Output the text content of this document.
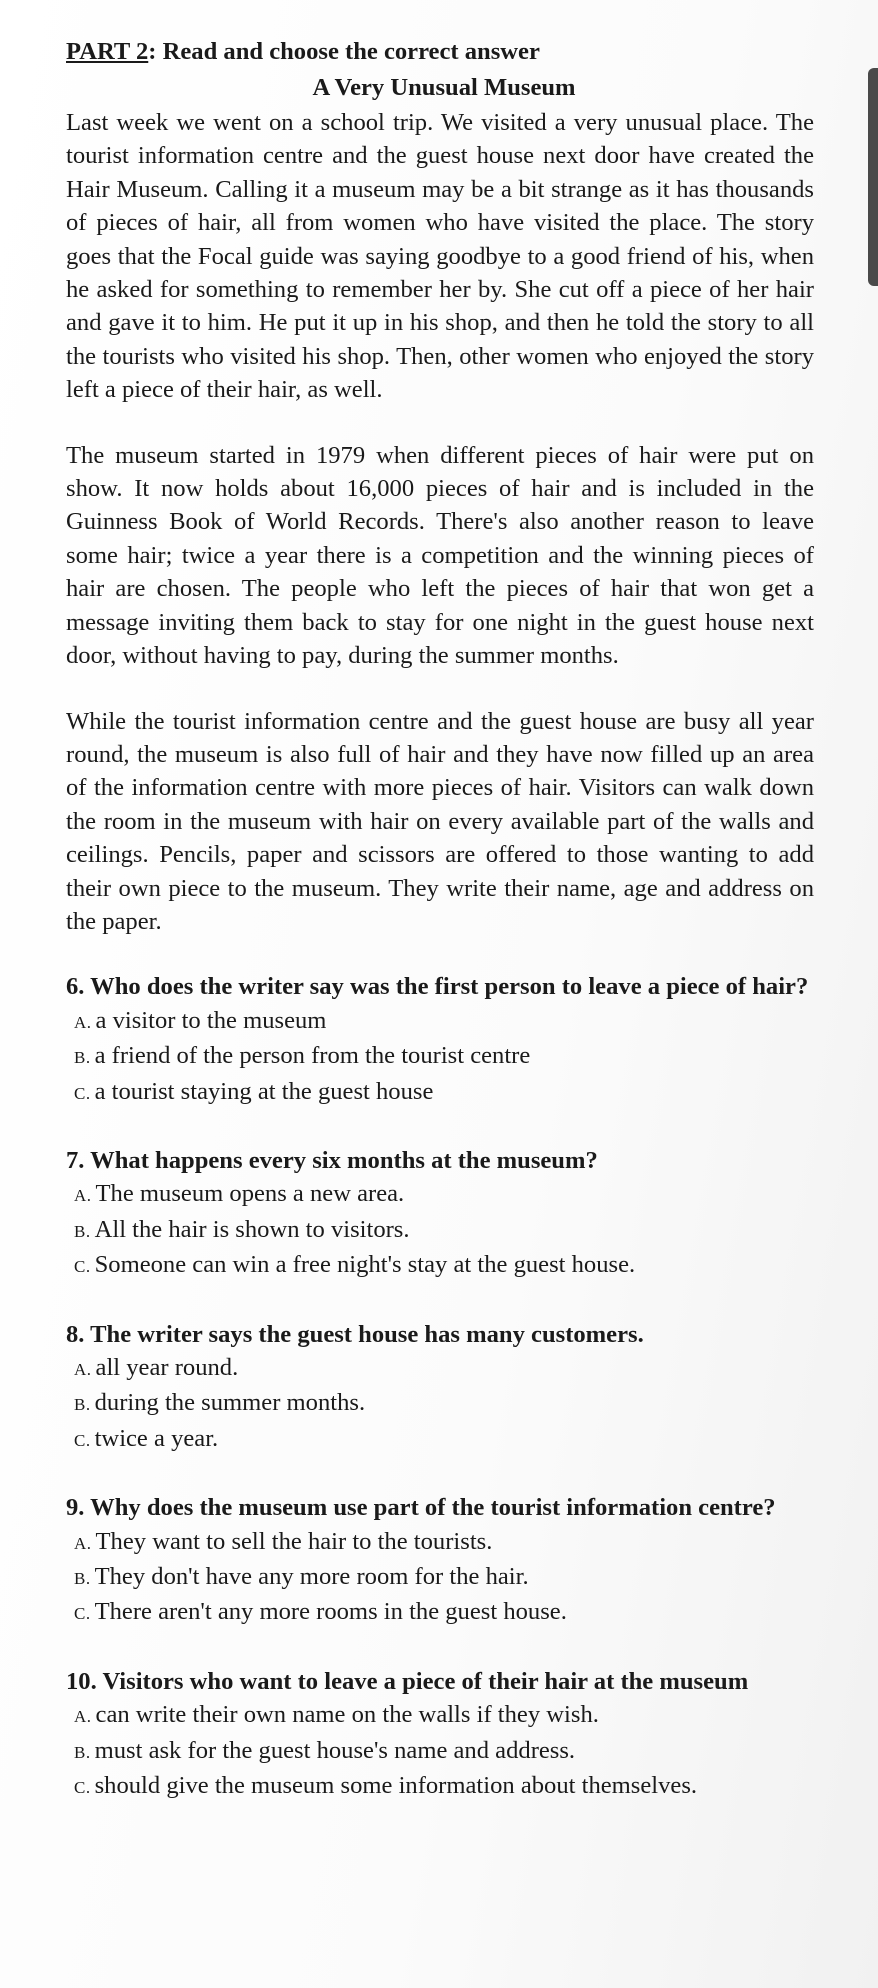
PART 2: Read and choose the correct answer
A Very Unusual Museum

Last week we went on a school trip. We visited a very unusual place. The tourist information centre and the guest house next door have created the Hair Museum. Calling it a museum may be a bit strange as it has thousands of pieces of hair, all from women who have visited the place. The story goes that the Focal guide was saying goodbye to a good friend of his, when he asked for something to remember her by. She cut off a piece of her hair and gave it to him. He put it up in his shop, and then he told the story to all the tourists who visited his shop. Then, other women who enjoyed the story left a piece of their hair, as well.

The museum started in 1979 when different pieces of hair were put on show. It now holds about 16,000 pieces of hair and is included in the Guinness Book of World Records. There's also another reason to leave some hair; twice a year there is a competition and the winning pieces of hair are chosen. The people who left the pieces of hair that won get a message inviting them back to stay for one night in the guest house next door, without having to pay, during the summer months.

While the tourist information centre and the guest house are busy all year round, the museum is also full of hair and they have now filled up an area of the information centre with more pieces of hair. Visitors can walk down the room in the museum with hair on every available part of the walls and ceilings. Pencils, paper and scissors are offered to those wanting to add their own piece to the museum. They write their name, age and address on the paper.

6. Who does the writer say was the first person to leave a piece of hair?

A. a visitor to the museum

B. a friend of the person from the tourist centre

C. a tourist staying at the guest house

7. What happens every six months at the museum?

A. The museum opens a new area.

B. All the hair is shown to visitors.

C. Someone can win a free night's stay at the guest house.

8. The writer says the guest house has many customers.

A. all year round.

B. during the summer months.

C. twice a year.

9. Why does the museum use part of the tourist information centre?

A. They want to sell the hair to the tourists.

B. They don't have any more room for the hair.

C. There aren't any more rooms in the guest house.

10. Visitors who want to leave a piece of their hair at the museum

A. can write their own name on the walls if they wish.

B. must ask for the guest house's name and address.

C. should give the museum some information about themselves.
